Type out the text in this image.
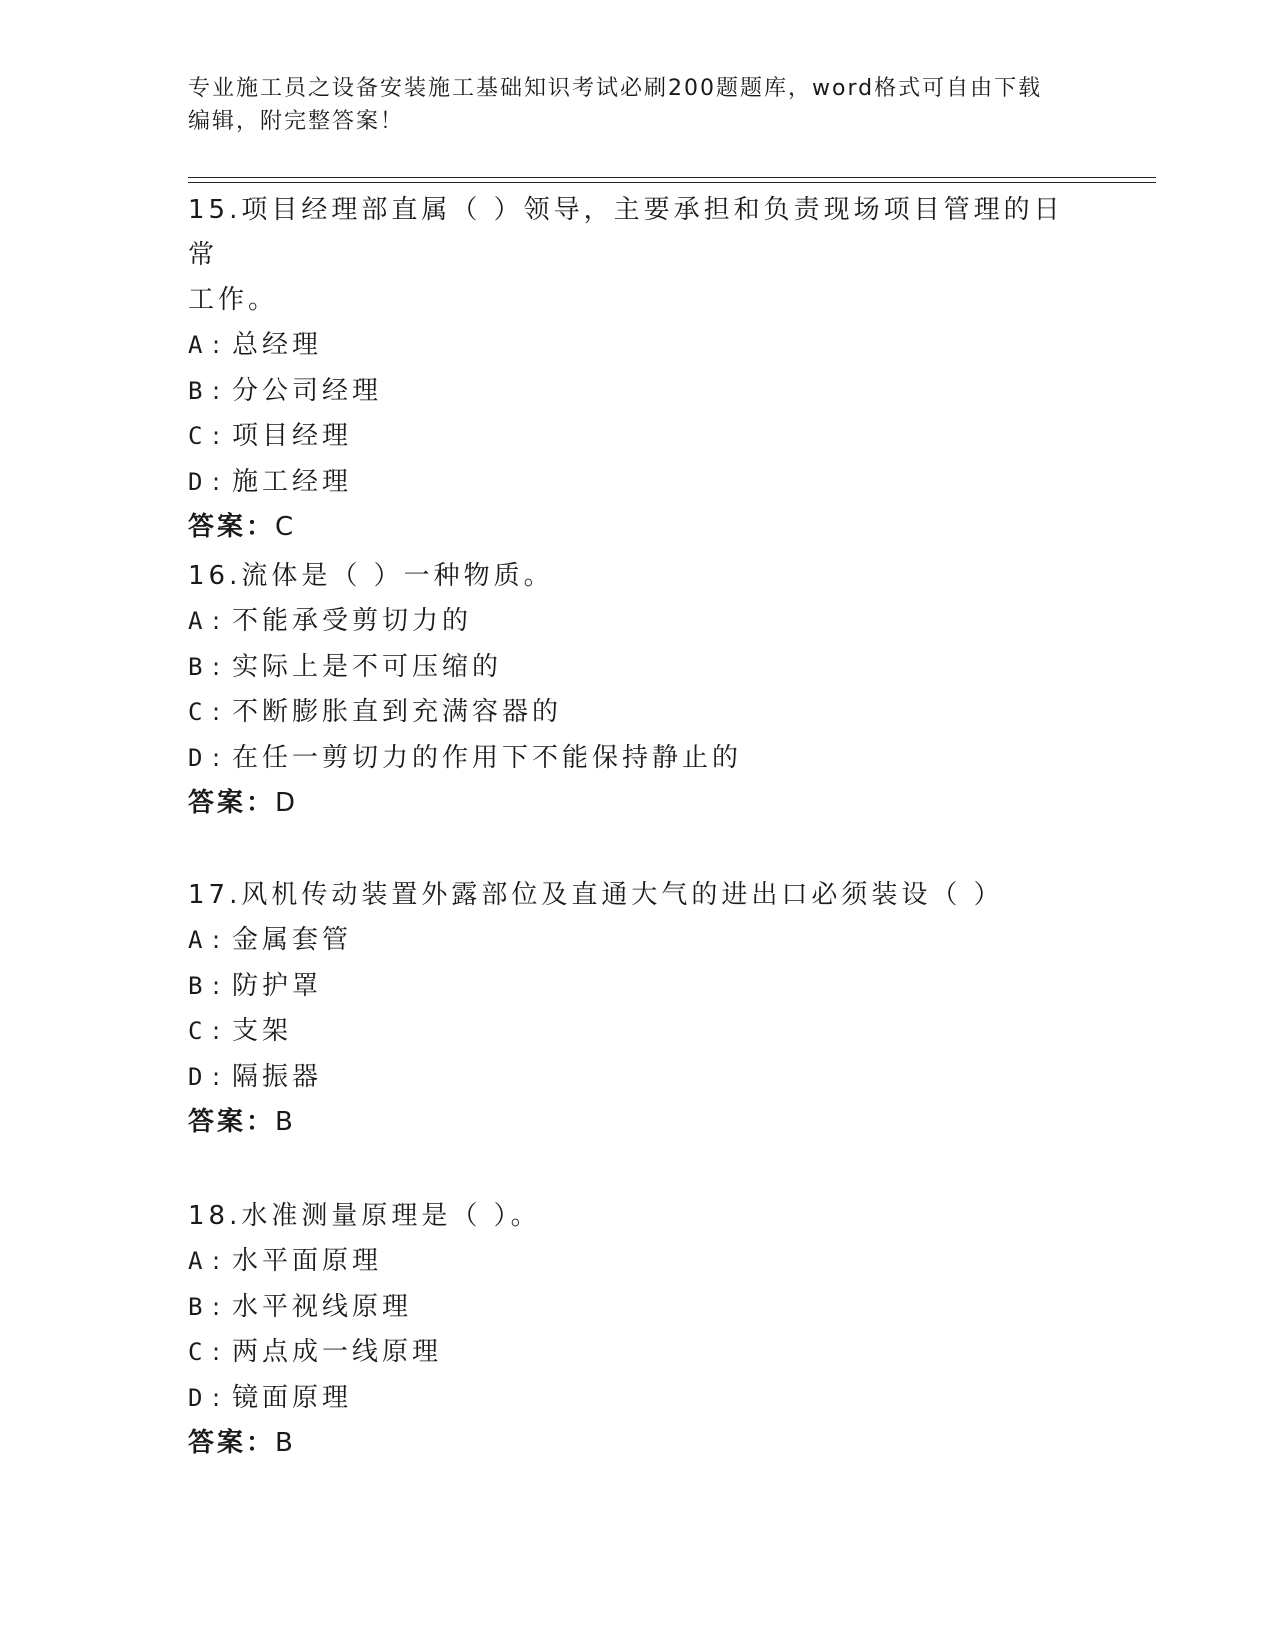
专业施工员之设备安装施工基础知识考试必刷200题题库，word格式可自由下载
编辑，附完整答案！

15.项目经理部直属（ ）领导，主要承担和负责现场项目管理的日常

工作。

A : 总经理

B : 分公司经理

C : 项目经理

D : 施工经理

答案：C

16.流体是（ ）一种物质。

A : 不能承受剪切力的

B : 实际上是不可压缩的

C : 不断膨胀直到充满容器的

D : 在任一剪切力的作用下不能保持静止的

答案：D

17.风机传动装置外露部位及直通大气的进出口必须装设（ ）

A : 金属套管

B : 防护罩

C : 支架

D : 隔振器

答案：B

18.水准测量原理是（ ）。

A : 水平面原理

B : 水平视线原理

C : 两点成一线原理

D : 镜面原理

答案：B
